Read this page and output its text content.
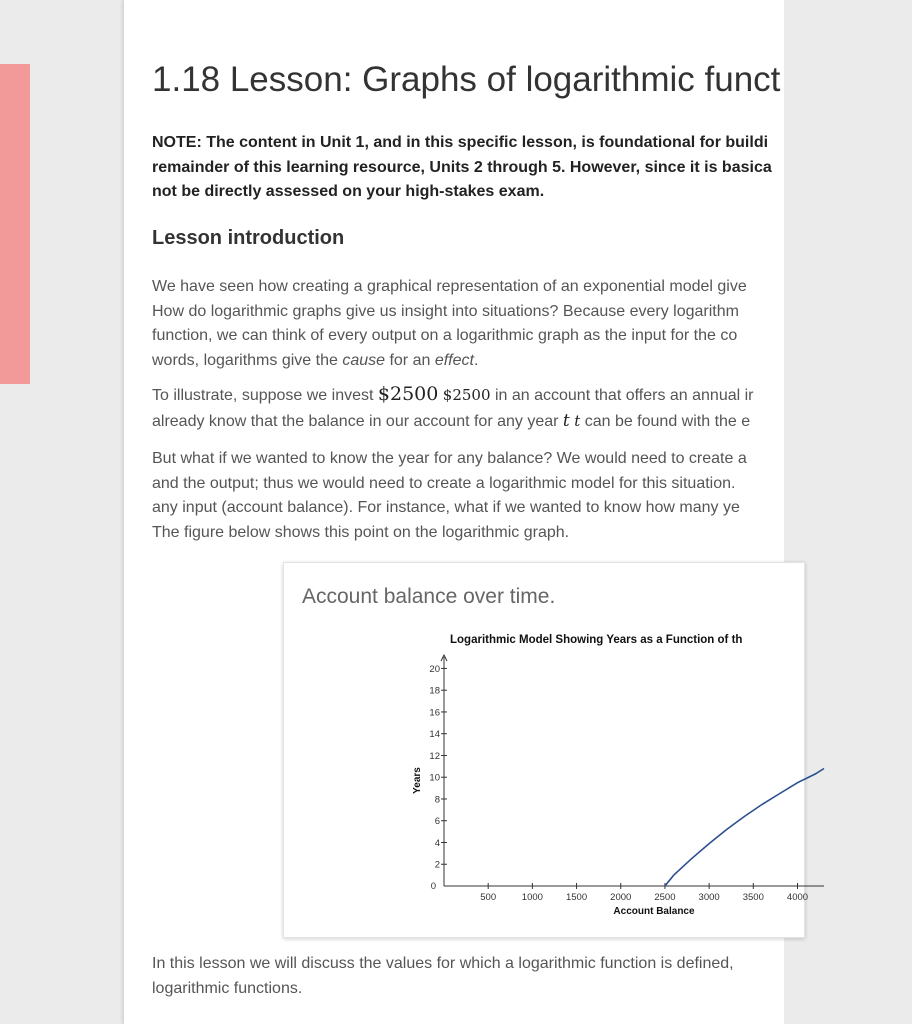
1.18 Lesson: Graphs of logarithmic funct

NOTE: The content in Unit 1, and in this specific lesson, is foundational for buildi
remainder of this learning resource, Units 2 through 5. However, since it is basica
not be directly assessed on your high-stakes exam.

Lesson introduction

We have seen how creating a graphical representation of an exponential model give
How do logarithmic graphs give us insight into situations? Because every logarithm
function, we can think of every output on a logarithmic graph as the input for the co
words, logarithms give the cause for an effect.

To illustrate, suppose we invest $2500 $2500 in an account that offers an annual ir
already know that the balance in our account for any year t t can be found with the e

But what if we wanted to know the year for any balance? We would need to create a
and the output; thus we would need to create a logarithmic model for this situation.
any input (account balance). For instance, what if we wanted to know how many ye
The figure below shows this point on the logarithmic graph.

Account balance over time.
Logarithmic Model Showing Years as a Function of th
0
2
4
6
8
10
12
14
16
18
20
500	1000 1500 2000 2500 3000 3500 4000
Account Balance
Years

In this lesson we will discuss the values for which a logarithmic function is defined,
logarithmic functions.
